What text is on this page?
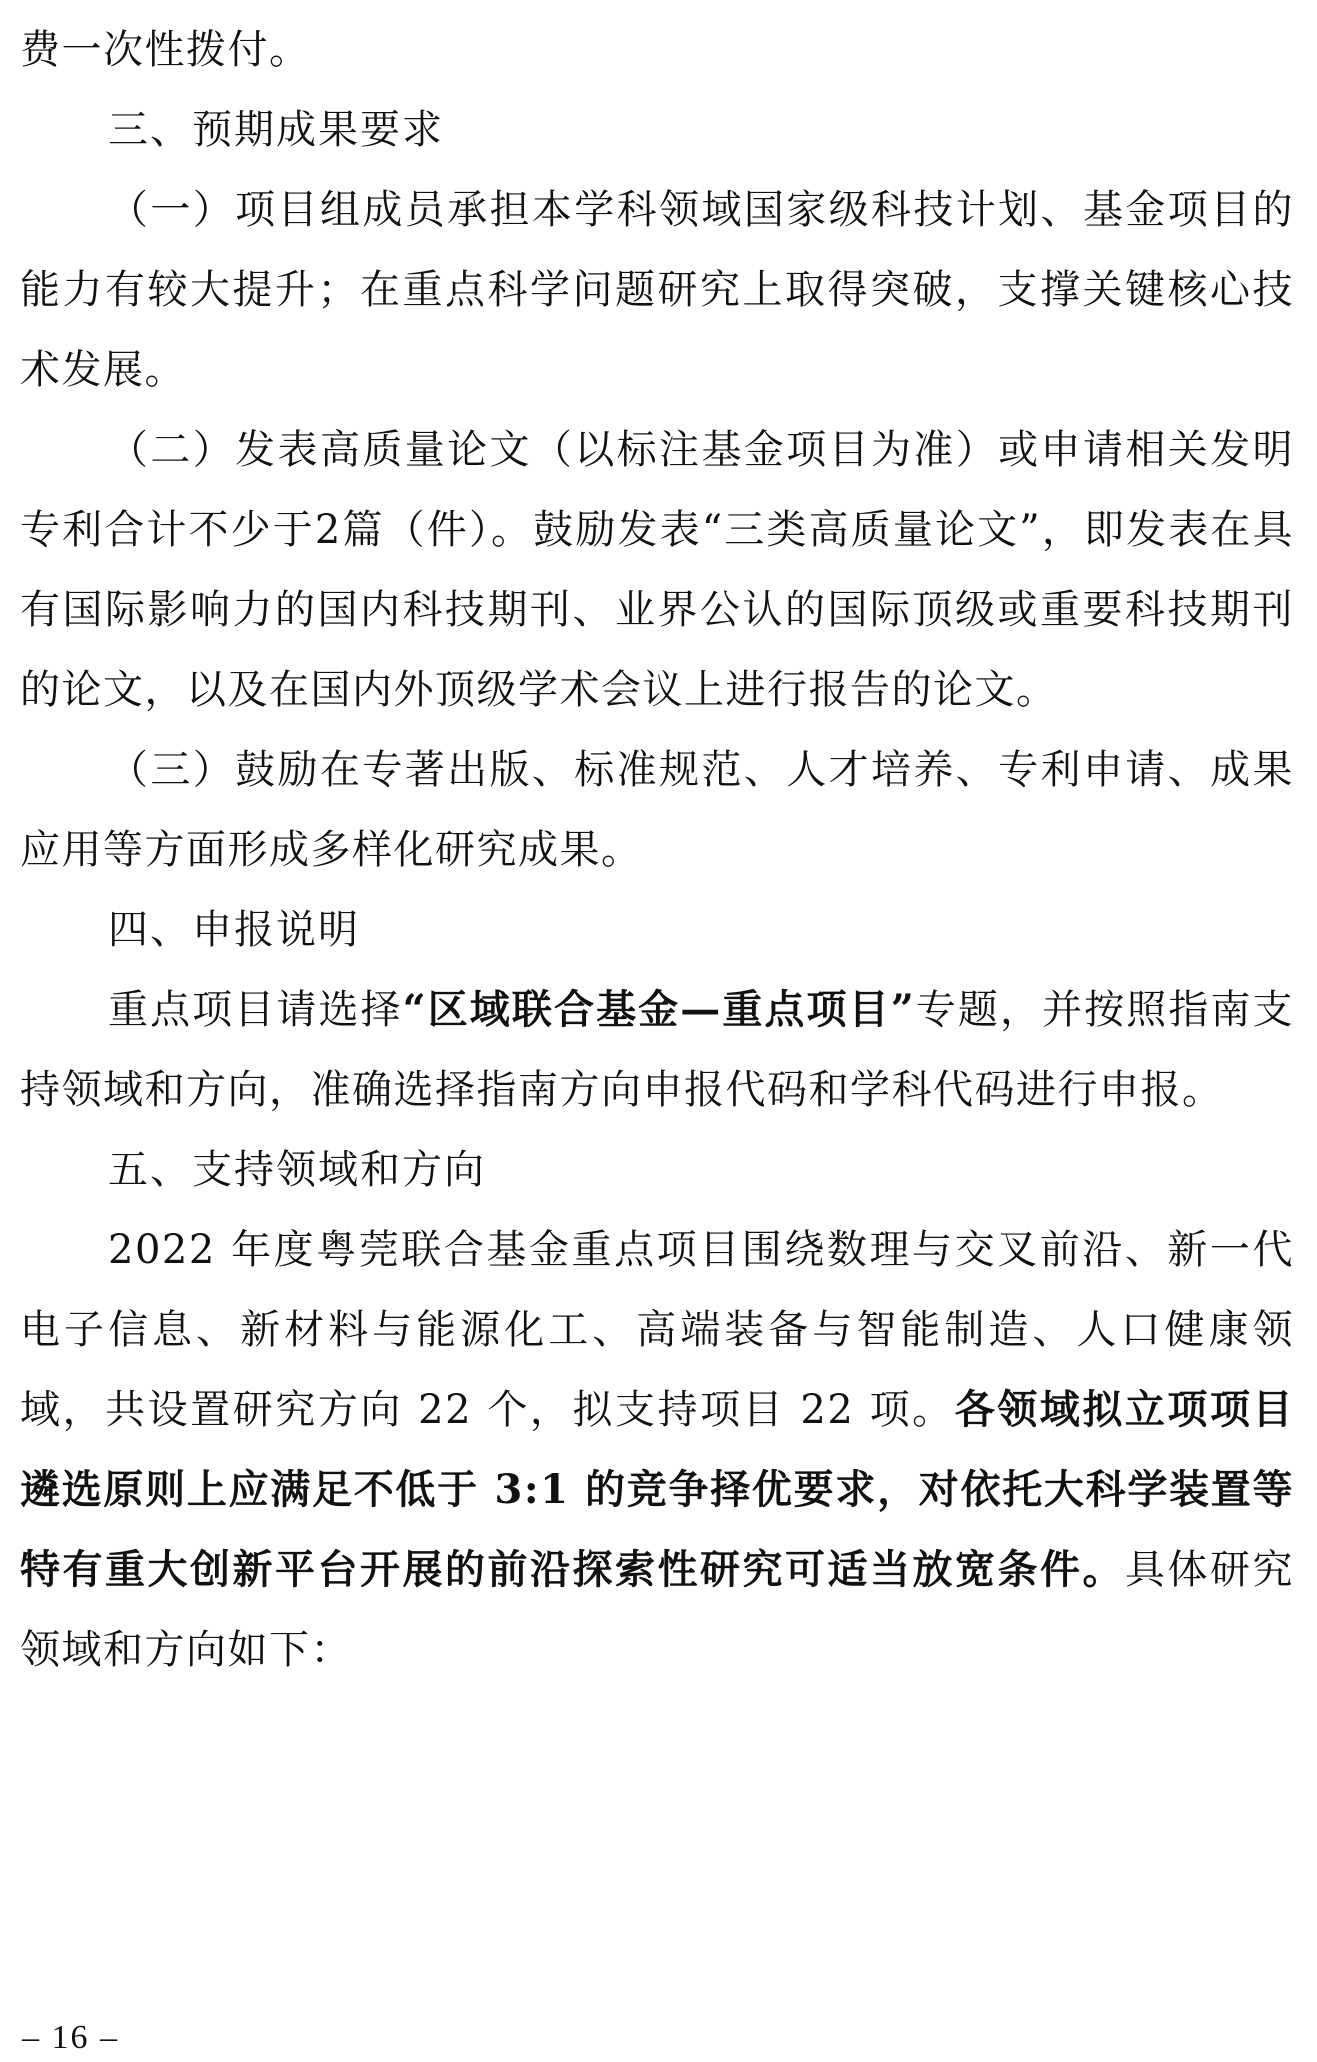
费一次性拨付。

三、预期成果要求

（一）项目组成员承担本学科领域国家级科技计划、基金项目的能力有较大提升；在重点科学问题研究上取得突破，支撑关键核心技术发展。

（二）发表高质量论文（以标注基金项目为准）或申请相关发明专利合计不少于2篇（件）。鼓励发表“三类高质量论文”，即发表在具有国际影响力的国内科技期刊、业界公认的国际顶级或重要科技期刊的论文，以及在国内外顶级学术会议上进行报告的论文。

（三）鼓励在专著出版、标准规范、人才培养、专利申请、成果应用等方面形成多样化研究成果。

四、申报说明

重点项目请选择“区域联合基金—重点项目”专题，并按照指南支持领域和方向，准确选择指南方向申报代码和学科代码进行申报。

五、支持领域和方向

2022 年度粤莞联合基金重点项目围绕数理与交叉前沿、新一代电子信息、新材料与能源化工、高端装备与智能制造、人口健康领域，共设置研究方向 22 个，拟支持项目 22 项。各领域拟立项项目遴选原则上应满足不低于 3:1 的竞争择优要求，对依托大科学装置等特有重大创新平台开展的前沿探索性研究可适当放宽条件。具体研究领域和方向如下：

– 16 –
